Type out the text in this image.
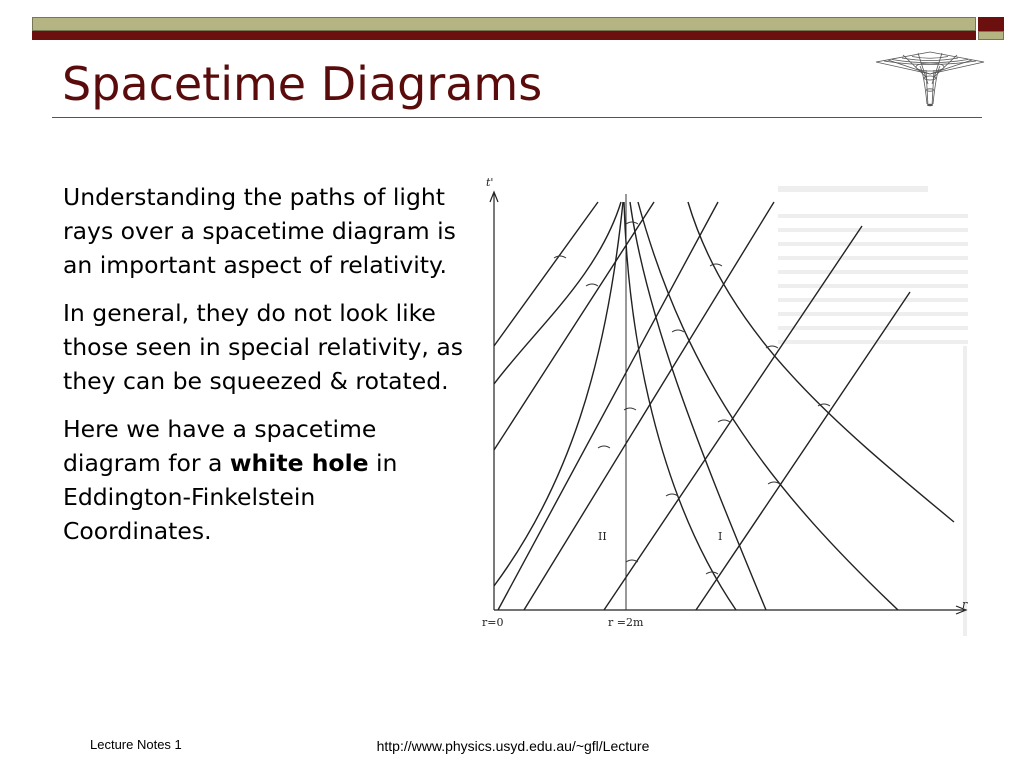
Spacetime Diagrams

Understanding the paths of light rays over a spacetime diagram is an important aspect of relativity.

In general, they do not look like those seen in special relativity, as they can be squeezed & rotated.

Here we have a spacetime diagram for a white hole in Eddington-Finkelstein Coordinates.

t'
r
r=0	r =2m
II	I
Lecture Notes 1	http://www.physics.usyd.edu.au/~gfl/Lecture
